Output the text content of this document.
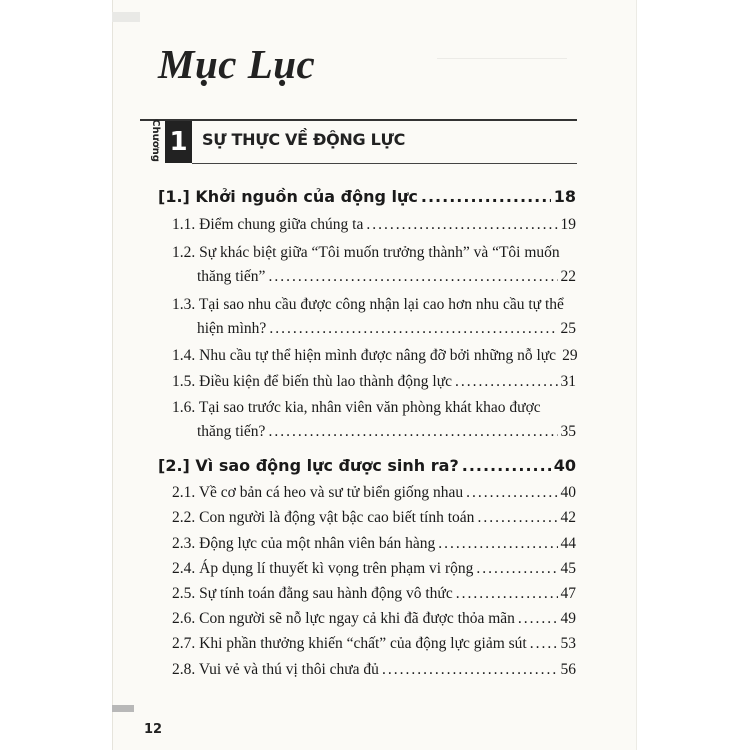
Mục Lục
Chương 1 SỰ THỰC VỀ ĐỘNG LỰC
[1.] Khởi nguồn của động lực .....	18
1.1. Điểm chung giữa chúng ta .....	19
1.2. Sự khác biệt giữa “Tôi muốn trưởng thành” và “Tôi muốn
thăng tiến” .....	22
1.3. Tại sao nhu cầu được công nhận lại cao hơn nhu cầu tự thể
hiện mình? .....	25
1.4. Nhu cầu tự thể hiện mình được nâng đỡ bởi những nỗ lực 29
1.5. Điều kiện để biến thù lao thành động lực .....	31
1.6. Tại sao trước kia, nhân viên văn phòng khát khao được
thăng tiến? .....	35
[2.] Vì sao động lực được sinh ra? .....	40
2.1. Về cơ bản cá heo và sư tử biển giống nhau .....	40
2.2. Con người là động vật bậc cao biết tính toán .....	42
2.3. Động lực của một nhân viên bán hàng .....	44
2.4. Áp dụng lí thuyết kì vọng trên phạm vi rộng .....	45
2.5. Sự tính toán đằng sau hành động vô thức .....	47
2.6. Con người sẽ nỗ lực ngay cả khi đã được thỏa mãn .....	49
2.7. Khi phần thưởng khiến “chất” của động lực giảm sút ..... 53
2.8. Vui vẻ và thú vị thôi chưa đủ .....	56
12
